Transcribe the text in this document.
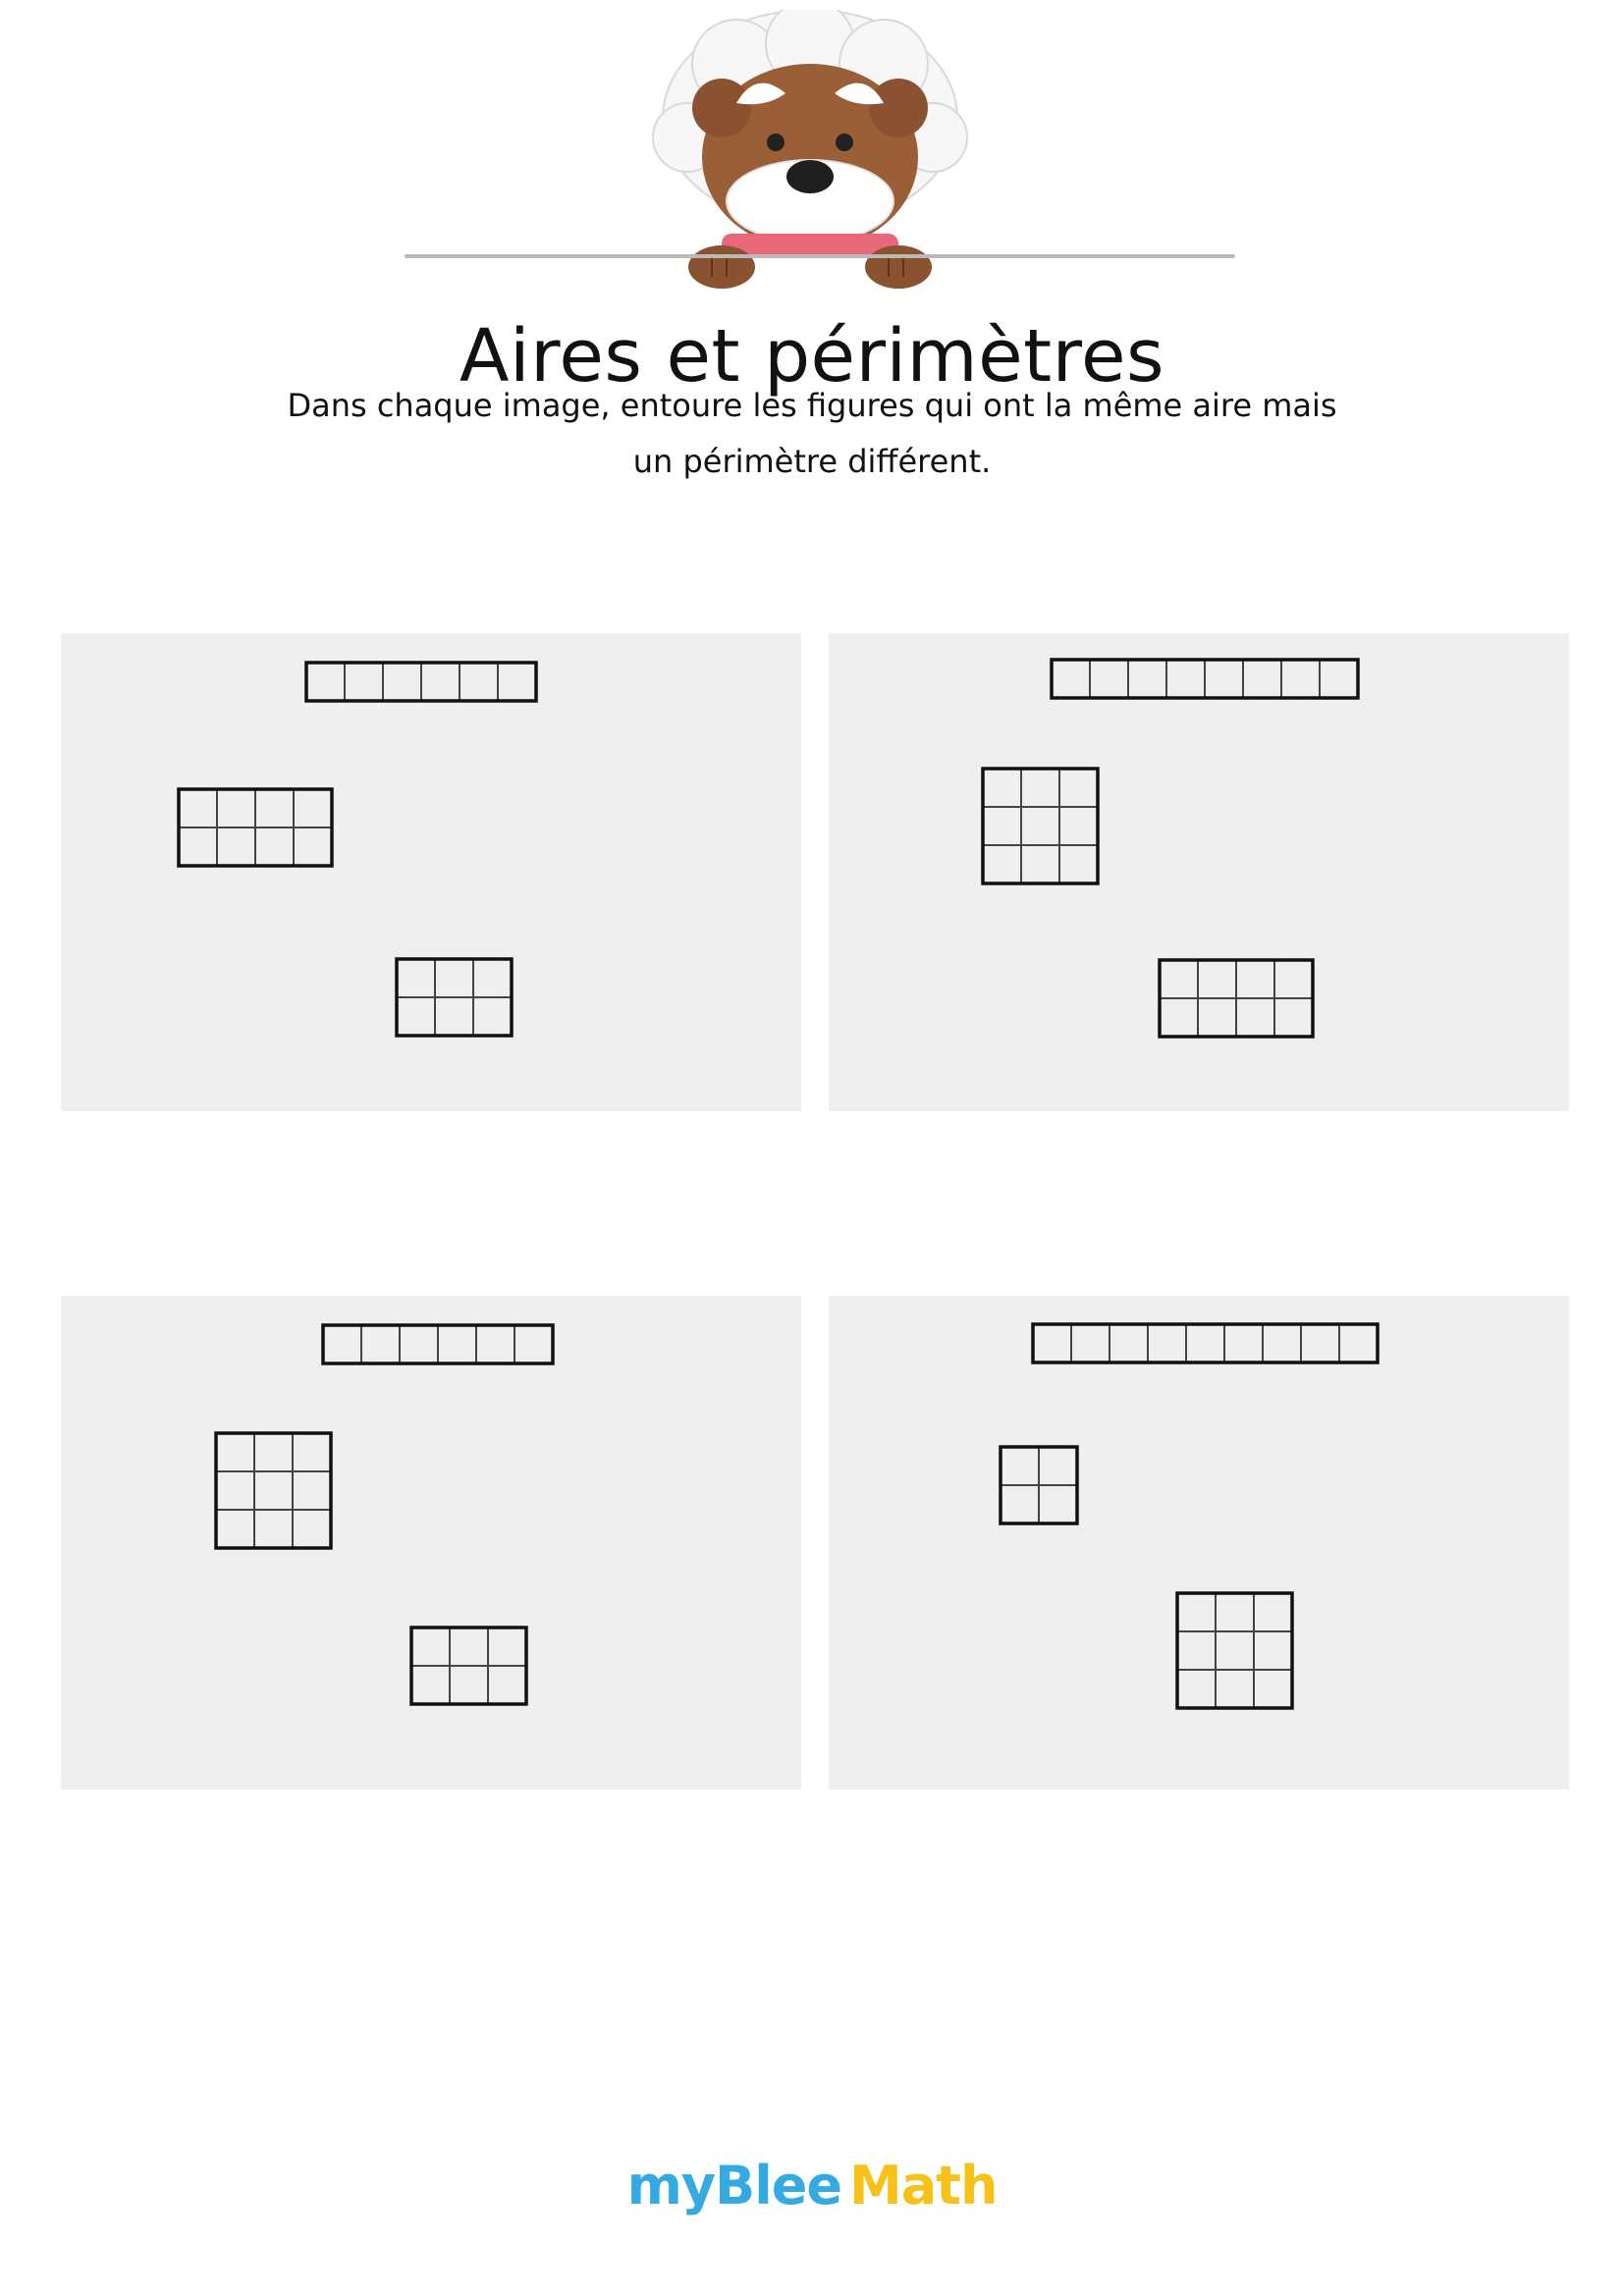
Aires et périmètres
Dans chaque image, entoure les figures qui ont la même aire mais
un périmètre différent.
myBlee Math
